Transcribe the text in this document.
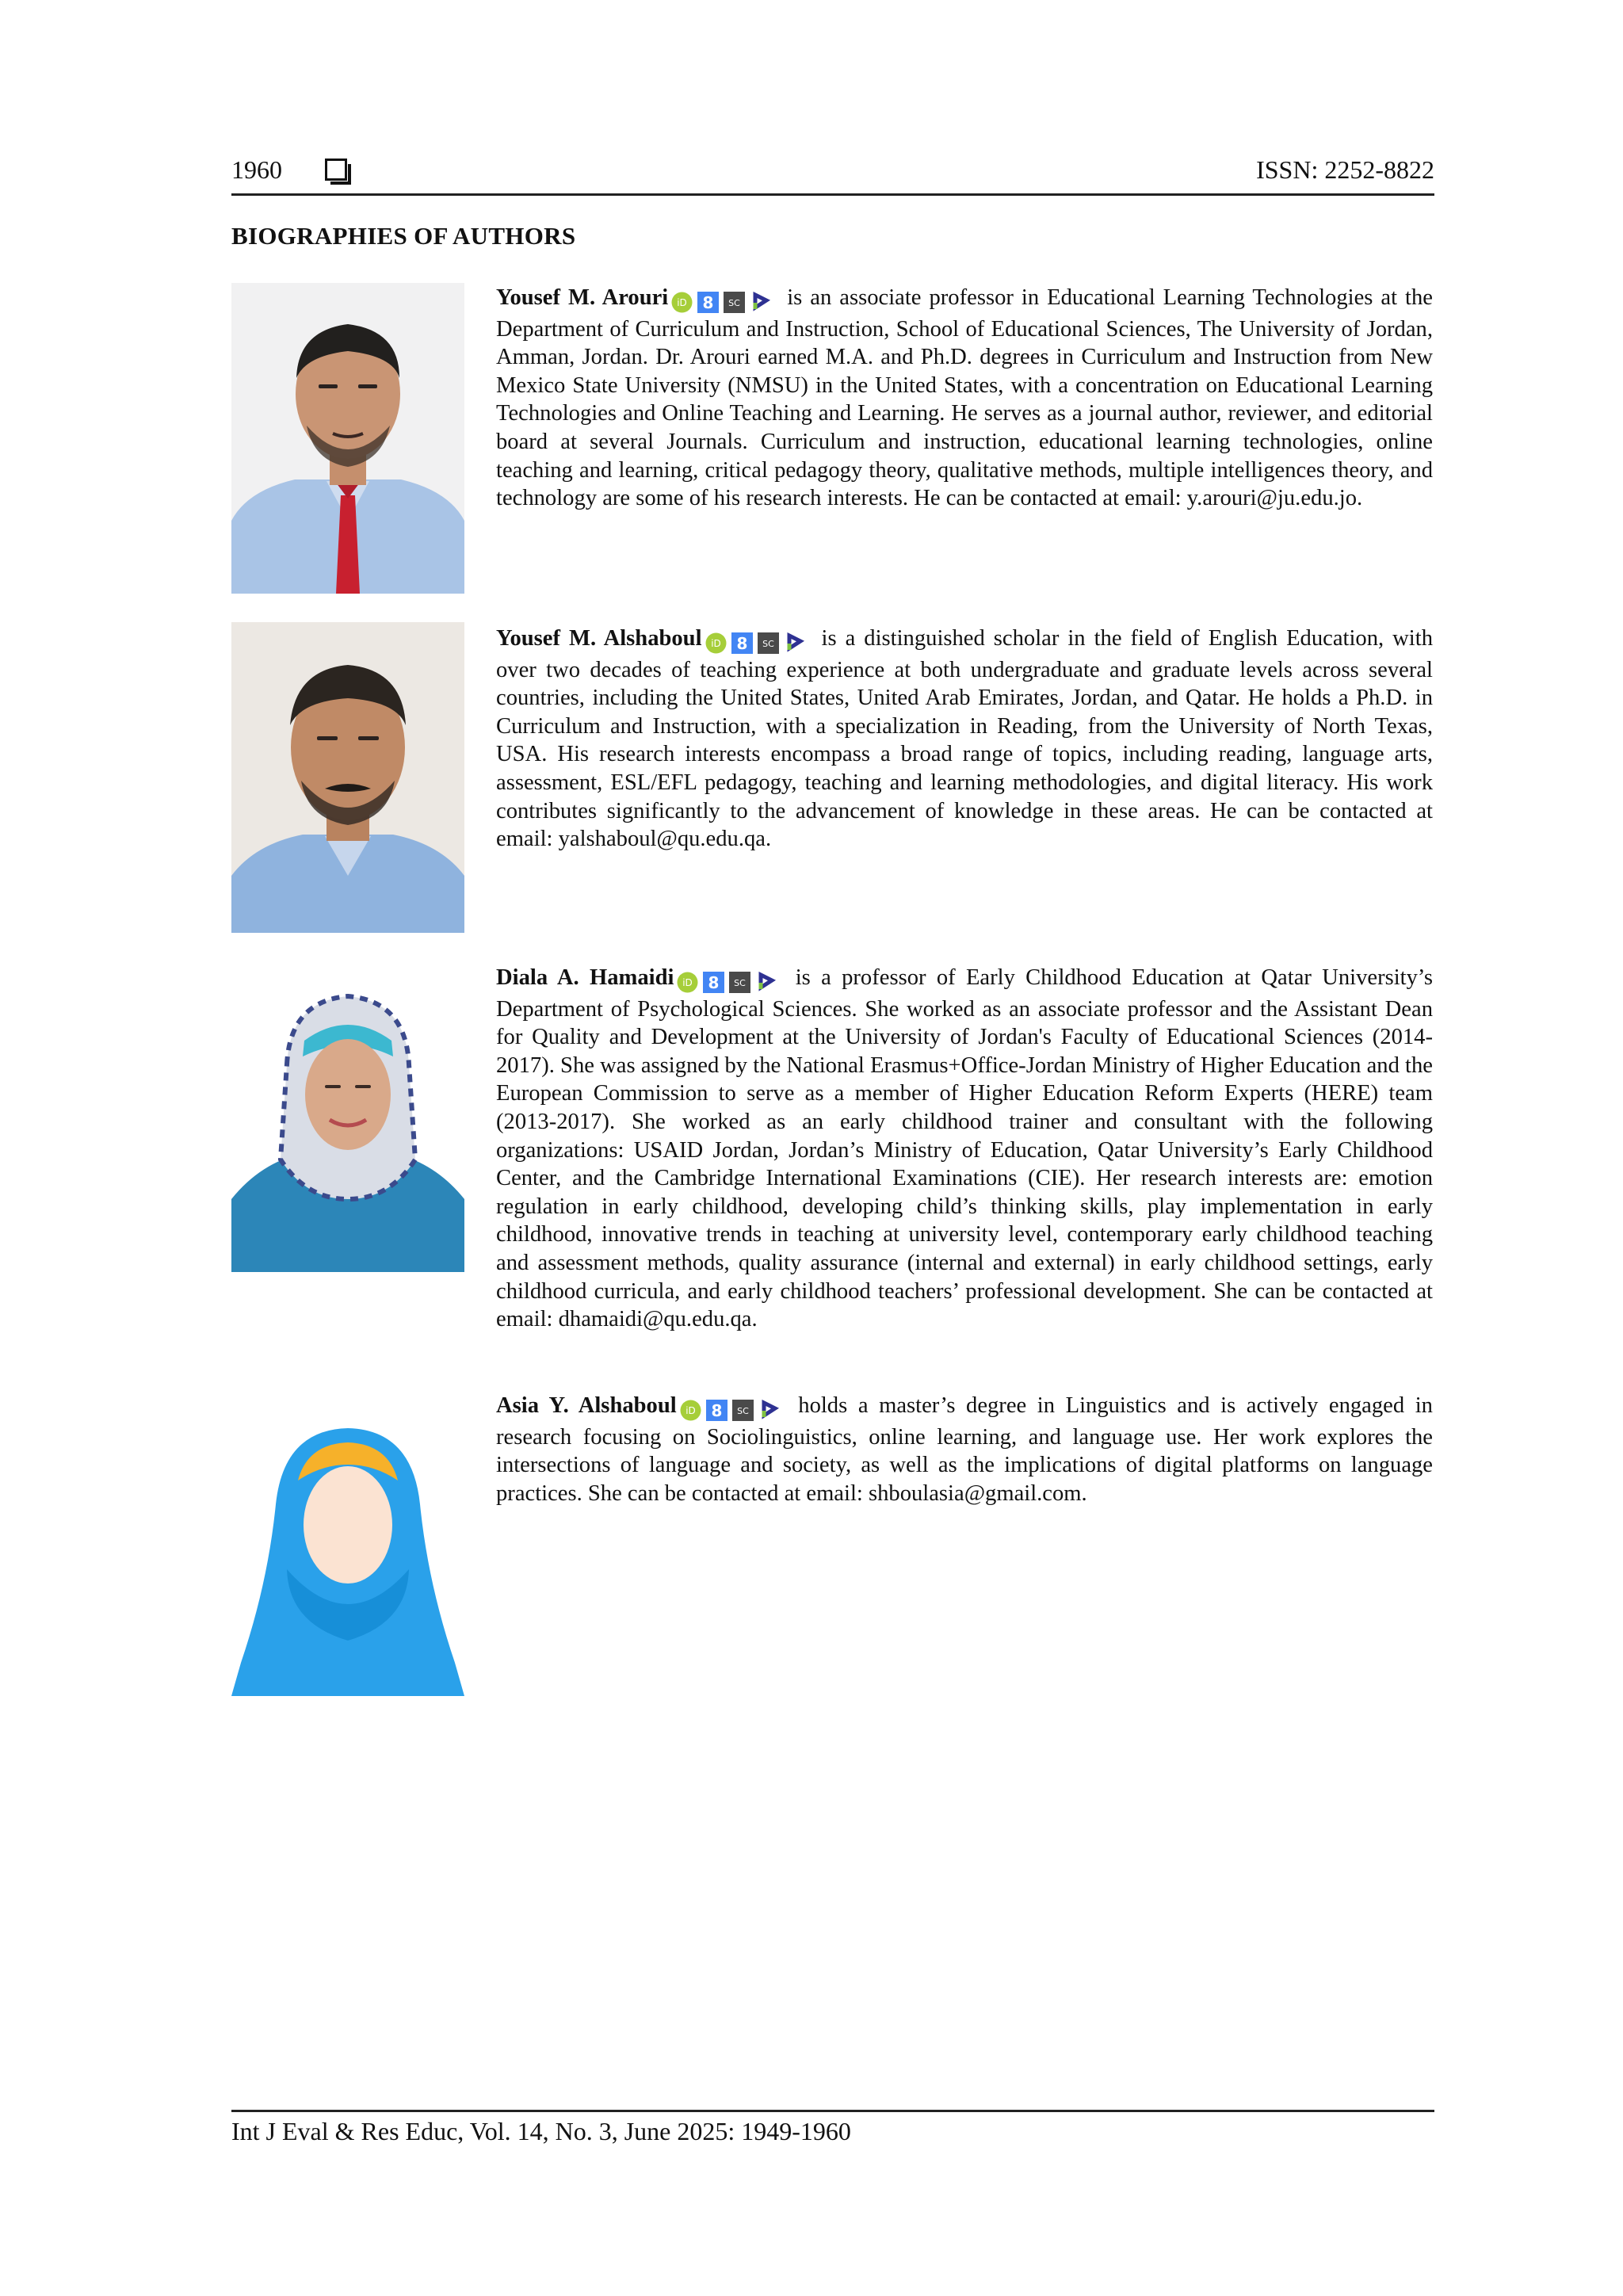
1960	ISSN: 2252-8822
BIOGRAPHIES OF AUTHORS
Yousef M. Arouri iD 8 SC is an associate professor in Educational Learning Technologies at the Department of Curriculum and Instruction, School of Educational Sciences, The University of Jordan, Amman, Jordan. Dr. Arouri earned M.A. and Ph.D. degrees in Curriculum and Instruction from New Mexico State University (NMSU) in the United States, with a concentration on Educational Learning Technologies and Online Teaching and Learning. He serves as a journal author, reviewer, and editorial board at several Journals. Curriculum and instruction, educational learning technologies, online teaching and learning, critical pedagogy theory, qualitative methods, multiple intelligences theory, and technology are some of his research interests. He can be contacted at email: y.arouri@ju.edu.jo.
Yousef M. Alshaboul iD 8 SC is a distinguished scholar in the field of English Education, with over two decades of teaching experience at both undergraduate and graduate levels across several countries, including the United States, United Arab Emirates, Jordan, and Qatar. He holds a Ph.D. in Curriculum and Instruction, with a specialization in Reading, from the University of North Texas, USA. His research interests encompass a broad range of topics, including reading, language arts, assessment, ESL/EFL pedagogy, teaching and learning methodologies, and digital literacy. His work contributes significantly to the advancement of knowledge in these areas. He can be contacted at email: yalshaboul@qu.edu.qa.
Diala A. Hamaidi iD 8 SC is a professor of Early Childhood Education at Qatar University’s Department of Psychological Sciences. She worked as an associate professor and the Assistant Dean for Quality and Development at the University of Jordan's Faculty of Educational Sciences (2014-2017). She was assigned by the National Erasmus+Office-Jordan Ministry of Higher Education and the European Commission to serve as a member of Higher Education Reform Experts (HERE) team (2013-2017). She worked as an early childhood trainer and consultant with the following organizations: USAID Jordan, Jordan’s Ministry of Education, Qatar University’s Early Childhood Center, and the Cambridge International Examinations (CIE). Her research interests are: emotion regulation in early childhood, developing child’s thinking skills, play implementation in early childhood, innovative trends in teaching at university level, contemporary early childhood teaching and assessment methods, quality assurance (internal and external) in early childhood settings, early childhood curricula, and early childhood teachers’ professional development. She can be contacted at email: dhamaidi@qu.edu.qa.
Asia Y. Alshaboul iD 8 SC holds a master’s degree in Linguistics and is actively engaged in research focusing on Sociolinguistics, online learning, and language use. Her work explores the intersections of language and society, as well as the implications of digital platforms on language practices. She can be contacted at email: shboulasia@gmail.com.
Int J Eval & Res Educ, Vol. 14, No. 3, June 2025: 1949-1960
